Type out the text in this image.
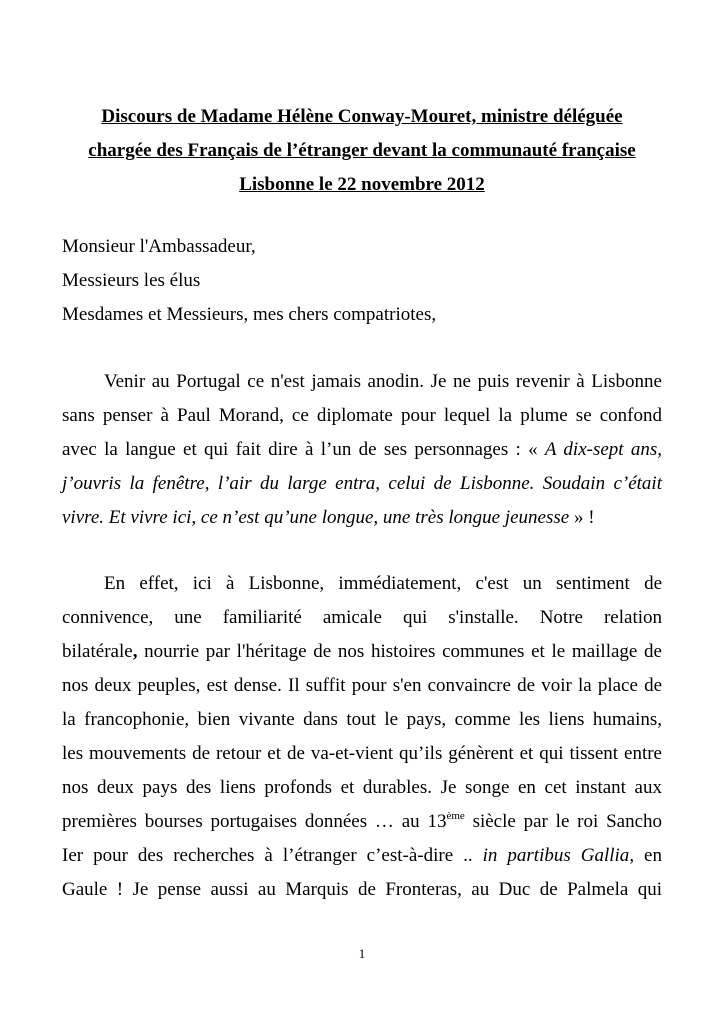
Discours de Madame Hélène Conway-Mouret, ministre déléguée
chargée des Français de l’étranger devant la communauté française
Lisbonne le 22 novembre 2012
Monsieur l'Ambassadeur,
Messieurs les élus
Mesdames et Messieurs, mes chers compatriotes,
Venir au Portugal ce n'est jamais anodin. Je ne puis revenir à Lisbonne
sans penser à Paul Morand, ce diplomate pour lequel la plume se confond
avec la langue et qui fait dire à l’un de ses personnages : « A dix-sept ans,
j’ouvris la fenêtre, l’air du large entra, celui de Lisbonne. Soudain c’était
vivre. Et vivre ici, ce n’est qu’une longue, une très longue jeunesse » !
En effet, ici à Lisbonne, immédiatement, c'est un sentiment de
connivence, une familiarité amicale qui s'installe. Notre relation
bilatérale, nourrie par l'héritage de nos histoires communes et le maillage de
nos deux peuples, est dense. Il suffit pour s'en convaincre de voir la place de
la francophonie, bien vivante dans tout le pays, comme les liens humains,
les mouvements de retour et de va-et-vient qu’ils génèrent et qui tissent entre
nos deux pays des liens profonds et durables. Je songe en cet instant aux
premières bourses portugaises données … au 13ème siècle par le roi Sancho
Ier pour des recherches à l’étranger c’est-à-dire .. in partibus Gallia, en
Gaule ! Je pense aussi au Marquis de Fronteras, au Duc de Palmela qui
1
